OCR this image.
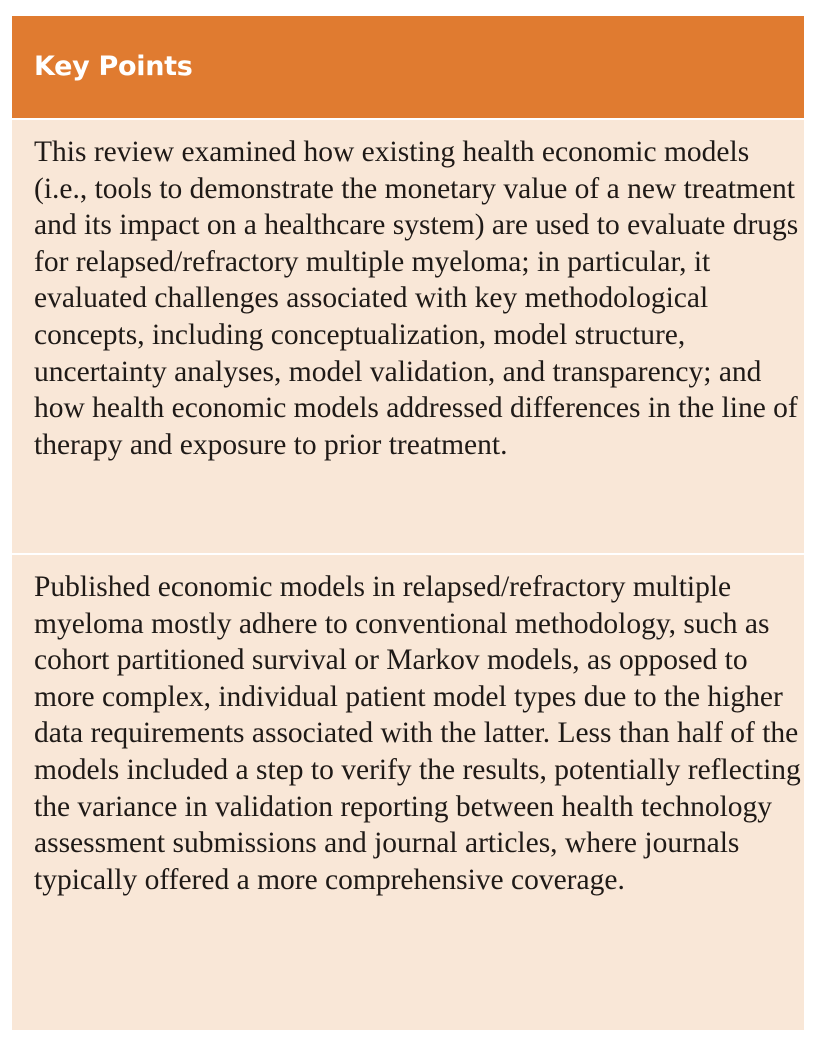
Key Points

This review examined how existing health economic models (i.e., tools to demonstrate the monetary value of a new treatment and its impact on a healthcare system) are used to evaluate drugs for relapsed/refractory multiple myeloma; in particular, it evaluated challenges associated with key methodological concepts, including conceptualization, model structure, uncertainty analyses, model validation, and transparency; and how health economic models addressed differences in the line of therapy and exposure to prior treatment.

Published economic models in relapsed/refractory multiple myeloma mostly adhere to conventional methodology, such as cohort partitioned survival or Markov models, as opposed to more complex, individual patient model types due to the higher data requirements associated with the latter. Less than half of the models included a step to verify the results, potentially reflecting the variance in validation reporting between health technology assessment submissions and journal articles, where journals typically offered a more comprehensive coverage.
